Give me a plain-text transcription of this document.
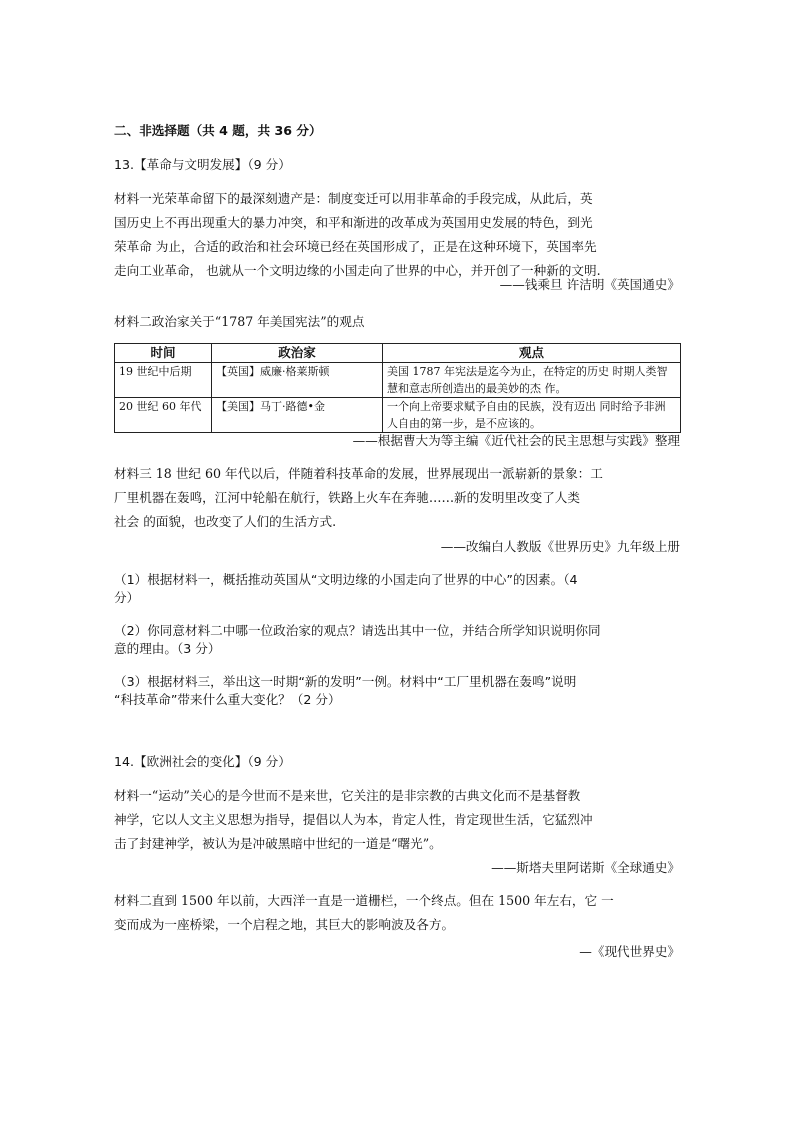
二、非选择题（共 4 题，共 36 分）
13.【革命与文明发展】（9 分）
材料一光荣革命留下的最深刻遗产是：制度变迁可以用非革命的手段完成，从此后，英
国历史上不再出现重大的暴力冲突，和平和渐进的改革成为英国用史发展的特色，到光
荣革命 为止，合适的政治和社会环境已经在英国形成了，正是在这种环境下，英国率先
走向工业革命， 也就从一个文明边缘的小国走向了世界的中心，并开创了一种新的文明.
——钱乘旦 许洁明《英国通史》
材料二政治家关于“1787 年美国宪法”的观点
时间	政治家	观点
19 世纪中后期	【英国】威廉·格莱斯顿	美国 1787 年宪法是迄今为止，在特定的历史 时期人类智慧和意志所创造出的最美妙的杰 作。
20 世纪 60 年代	【美国】马丁·路德•金	一个向上帝要求赋予自由的民族，没有迈出 同时给予非洲人自由的第一步，是不应该的。
——根据曹大为等主编《近代社会的民主思想与实践》整理
材料三 18 世纪 60 年代以后，伴随着科技革命的发展，世界展现出一派崭新的景象：工
厂里机器在轰鸣，江河中轮船在航行，铁路上火车在奔驰……新的发明里改变了人类
社会 的面貌，也改变了人们的生活方式.
——改编白人教版《世界历史》九年级上册
（1）根据材料一，概括推动英国从“文明边缘的小国走向了世界的中心”的因素。（4
分）
（2）你同意材料二中哪一位政治家的观点？请选出其中一位，并结合所学知识说明你同
意的理由。（3 分）
（3）根据材料三，举出这一时期“新的发明”一例。材料中“工厂里机器在轰鸣”说明
“科技革命”带来什么重大变化？（2 分）
14.【欧洲社会的变化】（9 分）
材料一“运动”关心的是今世而不是来世，它关注的是非宗教的古典文化而不是基督教
神学，它以人文主义思想为指导，提倡以人为本，肯定人性，肯定现世生活，它猛烈冲
击了封建神学，被认为是冲破黑暗中世纪的一道是“曙光”。
——斯塔夫里阿诺斯《全球通史》
材料二直到 1500 年以前，大西洋一直是一道栅栏，一个终点。但在 1500 年左右，它 一
变而成为一座桥梁，一个启程之地，其巨大的影响波及各方。
—《现代世界史》
